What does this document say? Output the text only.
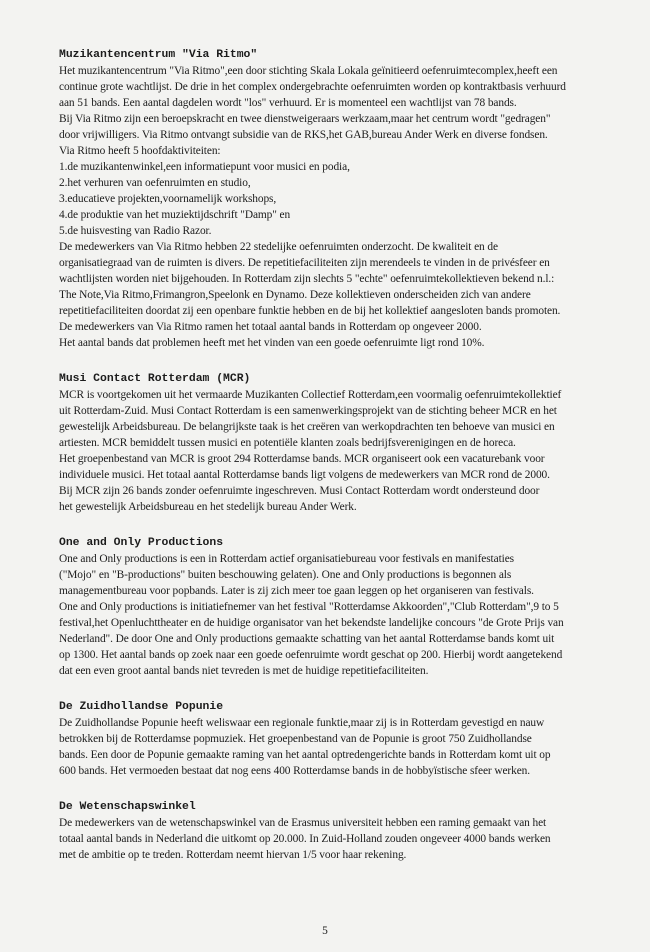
Muzikantencentrum "Via Ritmo"
Het muzikantencentrum "Via Ritmo",een door stichting Skala Lokala geïnitieerd oefenruimtecomplex,heeft een
continue grote wachtlijst. De drie in het complex ondergebrachte oefenruimten worden op kontraktbasis verhuurd
aan 51 bands. Een aantal dagdelen wordt "los" verhuurd. Er is momenteel een wachtlijst van 78 bands.
Bij Via Ritmo zijn een beroepskracht en twee dienstweigeraars werkzaam,maar het centrum wordt "gedragen"
door vrijwilligers. Via Ritmo ontvangt subsidie van de RKS,het GAB,bureau Ander Werk en diverse fondsen.
Via Ritmo heeft 5 hoofdaktiviteiten:
1.de muzikantenwinkel,een informatiepunt voor musici en podia,
2.het verhuren van oefenruimten en studio,
3.educatieve projekten,voornamelijk workshops,
4.de produktie van het muziektijdschrift "Damp" en
5.de huisvesting van Radio Razor.
De medewerkers van Via Ritmo hebben 22 stedelijke oefenruimten onderzocht. De kwaliteit en de
organisatiegraad van de ruimten is divers. De repetitiefaciliteiten zijn merendeels te vinden in de privésfeer en
wachtlijsten worden niet bijgehouden. In Rotterdam zijn slechts 5 "echte" oefenruimtekollektieven bekend n.l.:
The Note,Via Ritmo,Frimangron,Speelonk en Dynamo. Deze kollektieven onderscheiden zich van andere
repetitiefaciliteiten doordat zij een openbare funktie hebben en de bij het kollektief aangesloten bands promoten.
De medewerkers van Via Ritmo ramen het totaal aantal bands in Rotterdam op ongeveer 2000.
Het aantal bands dat problemen heeft met het vinden van een goede oefenruimte ligt rond 10%.
Musi Contact Rotterdam (MCR)
MCR is voortgekomen uit het vermaarde Muzikanten Collectief Rotterdam,een voormalig oefenruimtekollektief
uit Rotterdam-Zuid. Musi Contact Rotterdam is een samenwerkingsprojekt van de stichting beheer MCR en het
gewestelijk Arbeidsbureau. De belangrijkste taak is het creëren van werkopdrachten ten behoeve van musici en
artiesten. MCR bemiddelt tussen musici en potentiële klanten zoals bedrijfsverenigingen en de horeca.
Het groepenbestand van MCR is groot 294 Rotterdamse bands. MCR organiseert ook een vacaturebank voor
individuele musici. Het totaal aantal Rotterdamse bands ligt volgens de medewerkers van MCR rond de 2000.
Bij MCR zijn 26 bands zonder oefenruimte ingeschreven. Musi Contact Rotterdam wordt ondersteund door
het gewestelijk Arbeidsbureau en het stedelijk bureau Ander Werk.
One and Only Productions
One and Only productions is een in Rotterdam actief organisatiebureau voor festivals en manifestaties
("Mojo" en "B-productions" buiten beschouwing gelaten). One and Only productions is begonnen als
managementbureau voor popbands. Later is zij zich meer toe gaan leggen op het organiseren van festivals.
One and Only productions is initiatiefnemer van het festival "Rotterdamse Akkoorden","Club Rotterdam",9 to 5
festival,het Openluchttheater en de huidige organisator van het bekendste landelijke concours "de Grote Prijs van
Nederland". De door One and Only productions gemaakte schatting van het aantal Rotterdamse bands komt uit
op 1300. Het aantal bands op zoek naar een goede oefenruimte wordt geschat op 200. Hierbij wordt aangetekend
dat een even groot aantal bands niet tevreden is met de huidige repetitiefaciliteiten.
De Zuidhollandse Popunie
De Zuidhollandse Popunie heeft weliswaar een regionale funktie,maar zij is in Rotterdam gevestigd en nauw
betrokken bij de Rotterdamse popmuziek. Het groepenbestand van de Popunie is groot 750 Zuidhollandse
bands. Een door de Popunie gemaakte raming van het aantal optredengerichte bands in Rotterdam komt uit op
600 bands. Het vermoeden bestaat dat nog eens 400 Rotterdamse bands in de hobbyïstische sfeer werken.
De Wetenschapswinkel
De medewerkers van de wetenschapswinkel van de Erasmus universiteit hebben een raming gemaakt van het
totaal aantal bands in Nederland die uitkomt op 20.000. In Zuid-Holland zouden ongeveer 4000 bands werken
met de ambitie op te treden. Rotterdam neemt hiervan 1/5 voor haar rekening.
5
